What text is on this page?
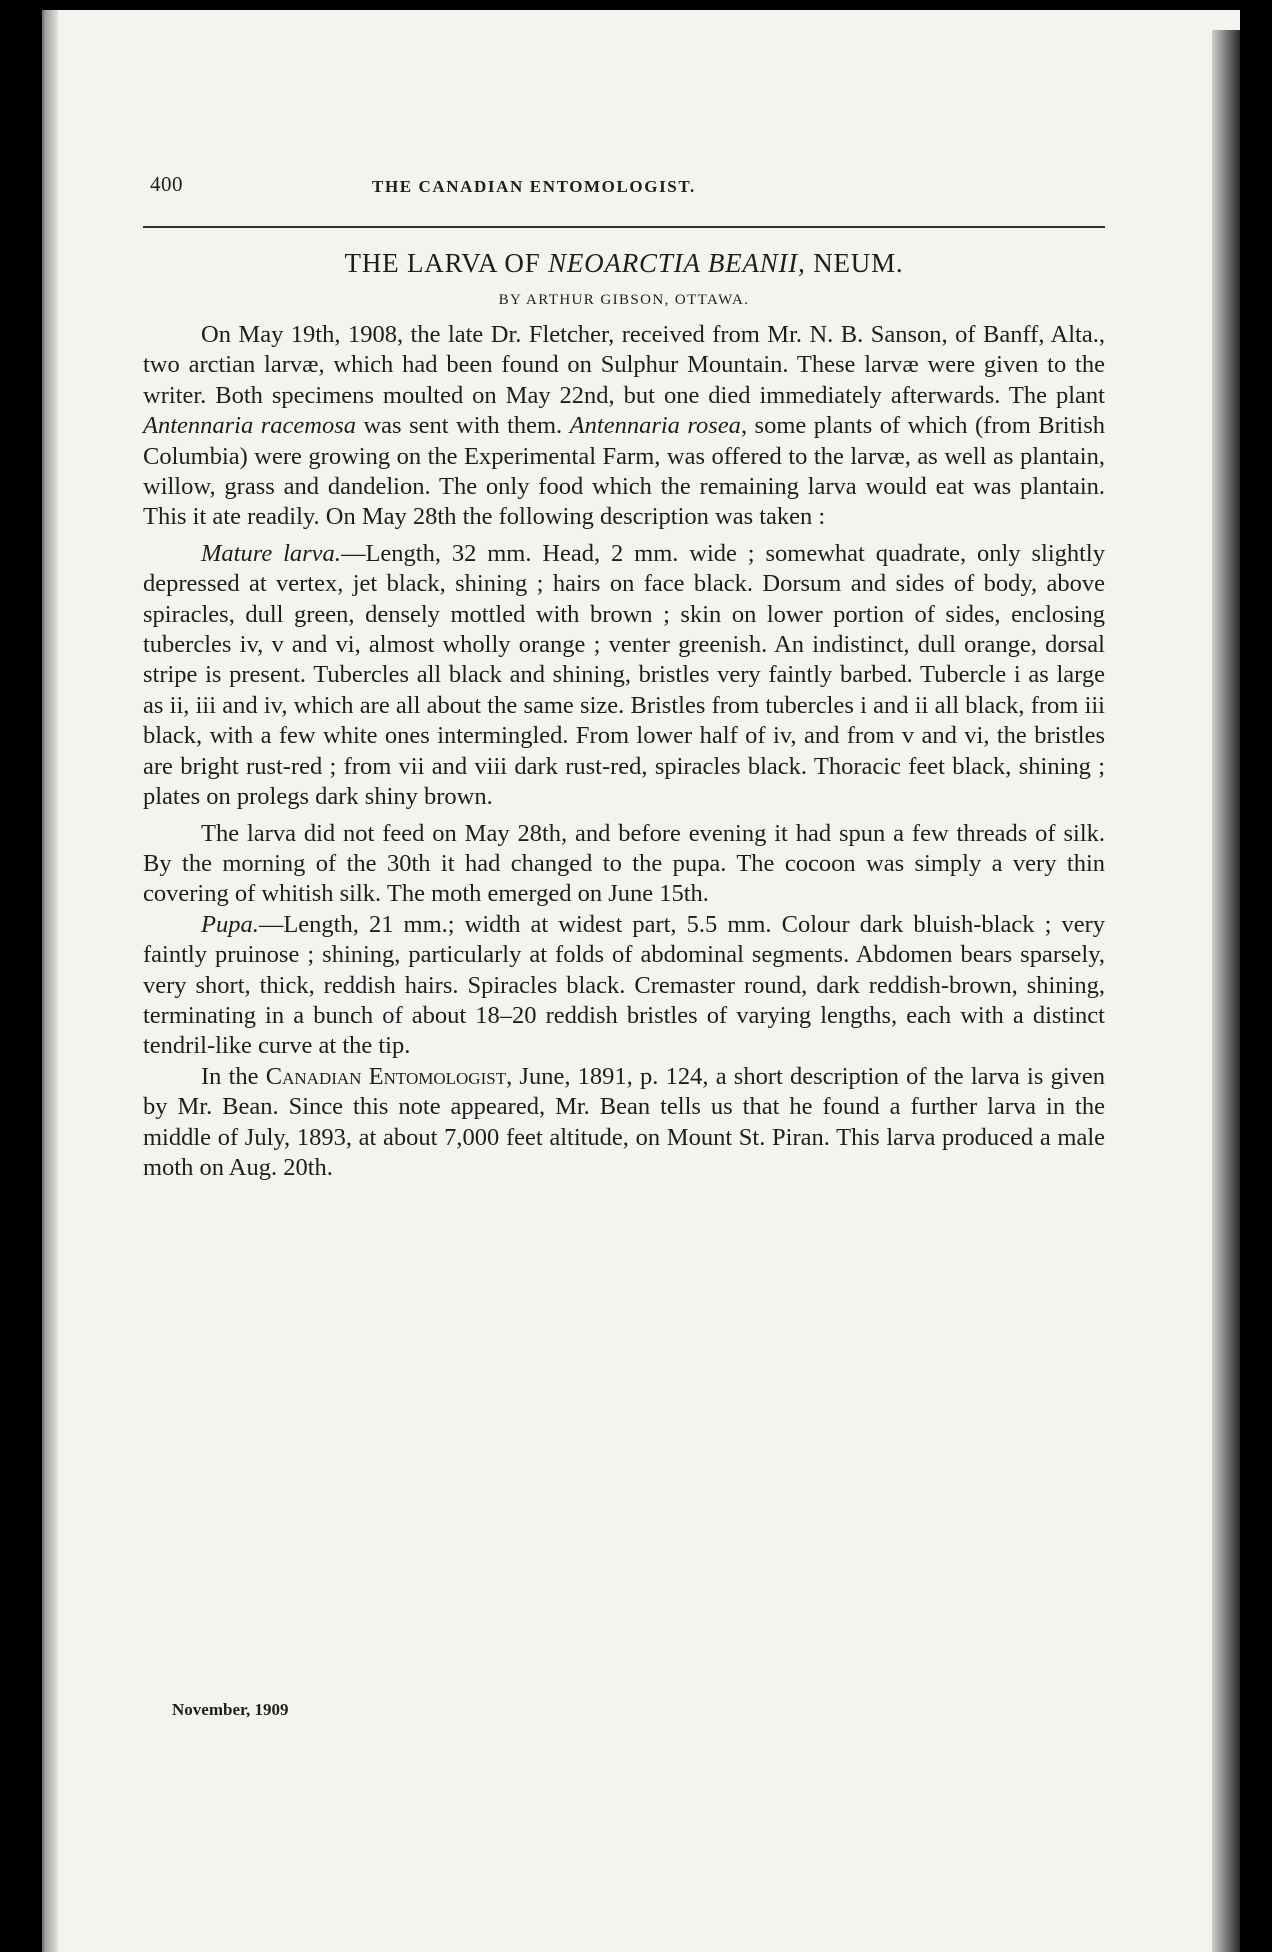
400	THE CANADIAN ENTOMOLOGIST.
THE LARVA OF NEOARCTIA BEANII, NEUM.
BY ARTHUR GIBSON, OTTAWA.

On May 19th, 1908, the late Dr. Fletcher, received from Mr. N. B. Sanson, of Banff, Alta., two arctian larvæ, which had been found on Sulphur Mountain. These larvæ were given to the writer. Both specimens moulted on May 22nd, but one died immediately afterwards. The plant Antennaria racemosa was sent with them. Antennaria rosea, some plants of which (from British Columbia) were growing on the Experimental Farm, was offered to the larvæ, as well as plantain, willow, grass and dandelion. The only food which the remaining larva would eat was plantain. This it ate readily. On May 28th the following description was taken :

Mature larva.—Length, 32 mm. Head, 2 mm. wide ; somewhat quadrate, only slightly depressed at vertex, jet black, shining ; hairs on face black. Dorsum and sides of body, above spiracles, dull green, densely mottled with brown ; skin on lower portion of sides, enclosing tubercles iv, v and vi, almost wholly orange ; venter greenish. An indistinct, dull orange, dorsal stripe is present. Tubercles all black and shining, bristles very faintly barbed. Tubercle i as large as ii, iii and iv, which are all about the same size. Bristles from tubercles i and ii all black, from iii black, with a few white ones intermingled. From lower half of iv, and from v and vi, the bristles are bright rust-red ; from vii and viii dark rust-red, spiracles black. Thoracic feet black, shining ; plates on prolegs dark shiny brown.

The larva did not feed on May 28th, and before evening it had spun a few threads of silk. By the morning of the 30th it had changed to the pupa. The cocoon was simply a very thin covering of whitish silk. The moth emerged on June 15th.

Pupa.—Length, 21 mm.; width at widest part, 5.5 mm. Colour dark bluish-black ; very faintly pruinose ; shining, particularly at folds of abdominal segments. Abdomen bears sparsely, very short, thick, reddish hairs. Spiracles black. Cremaster round, dark reddish-brown, shining, terminating in a bunch of about 18–20 reddish bristles of varying lengths, each with a distinct tendril-like curve at the tip.

In the Canadian Entomologist, June, 1891, p. 124, a short description of the larva is given by Mr. Bean. Since this note appeared, Mr. Bean tells us that he found a further larva in the middle of July, 1893, at about 7,000 feet altitude, on Mount St. Piran. This larva produced a male moth on Aug. 20th.

November, 1909
